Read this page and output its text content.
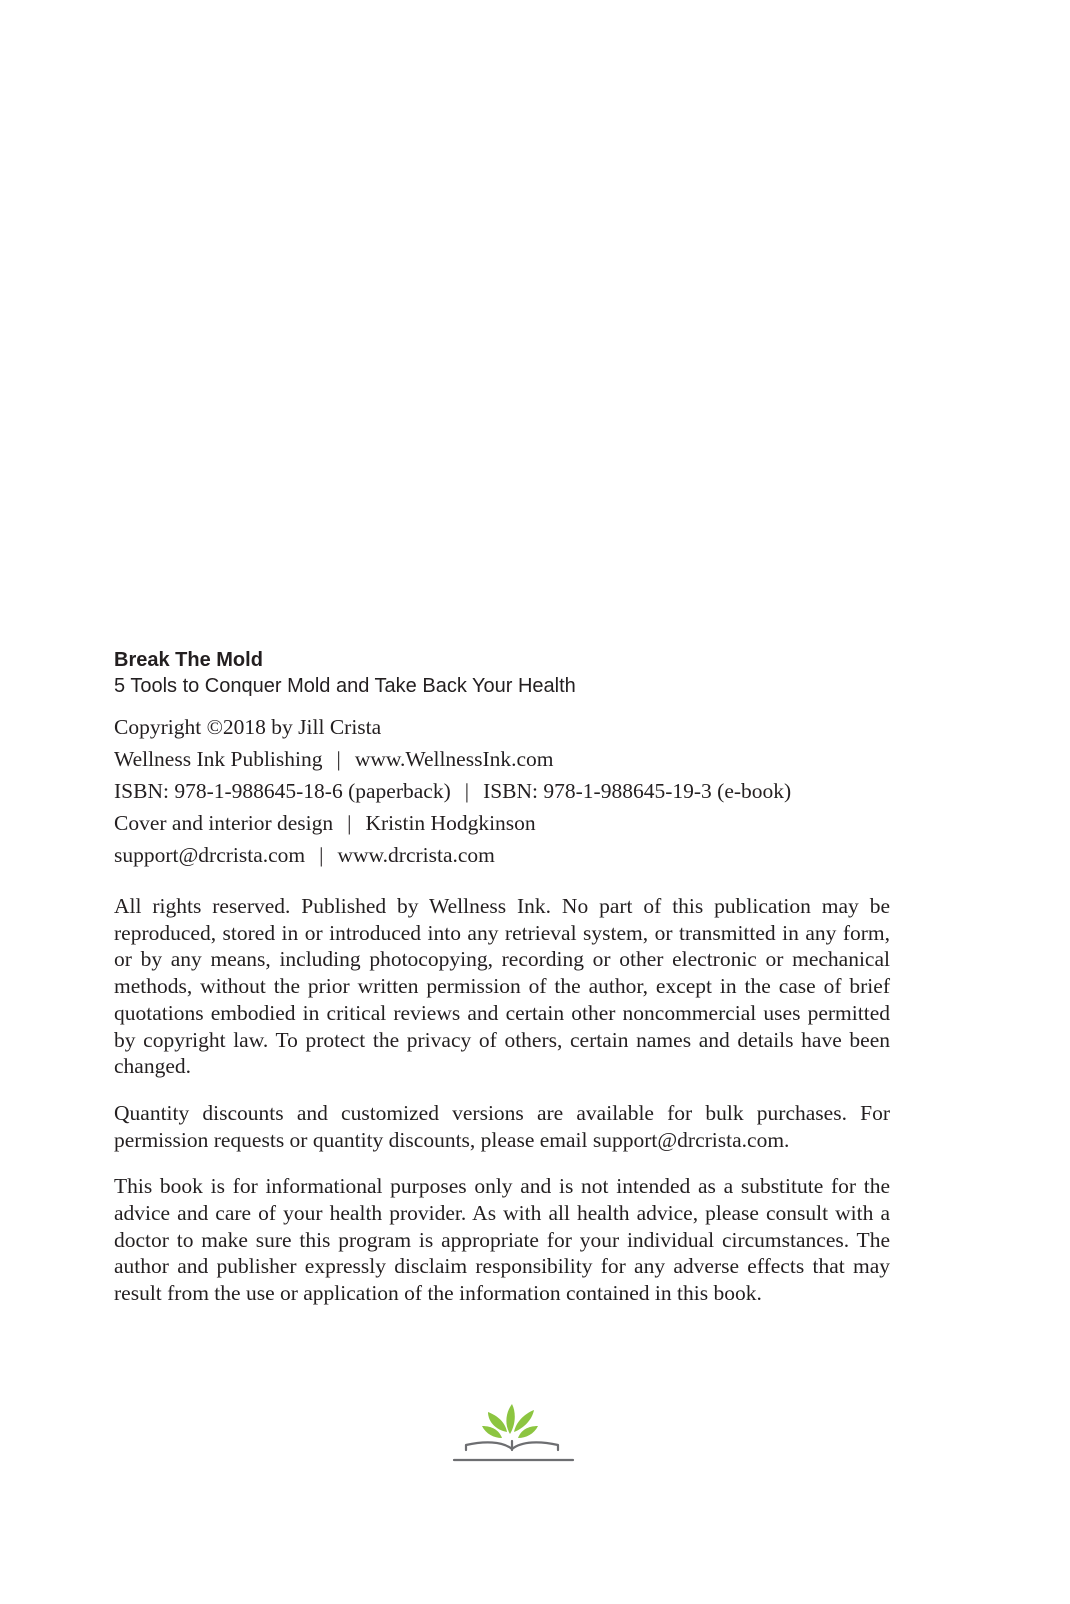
Break The Mold

5 Tools to Conquer Mold and Take Back Your Health

Copyright ©2018 by Jill Crista
Wellness Ink Publishing | www.WellnessInk.com
ISBN: 978-1-988645-18-6 (paperback) | ISBN: 978-1-988645-19-3 (e-book)
Cover and interior design | Kristin Hodgkinson
support@drcrista.com | www.drcrista.com

All rights reserved. Published by Wellness Ink. No part of this publication may be reproduced, stored in or introduced into any retrieval system, or transmitted in any form, or by any means, including photocopying, recording or other electronic or mechanical methods, without the prior written permission of the author, except in the case of brief quotations embodied in critical reviews and certain other noncommercial uses permitted by copyright law. To protect the privacy of others, certain names and details have been changed.

Quantity discounts and customized versions are available for bulk purchases. For permission requests or quantity discounts, please email support@drcrista.com.

This book is for informational purposes only and is not intended as a substitute for the advice and care of your health provider. As with all health advice, please consult with a doctor to make sure this program is appropriate for your individual circumstances. The author and publisher expressly disclaim responsibility for any adverse effects that may result from the use or application of the information contained in this book.
